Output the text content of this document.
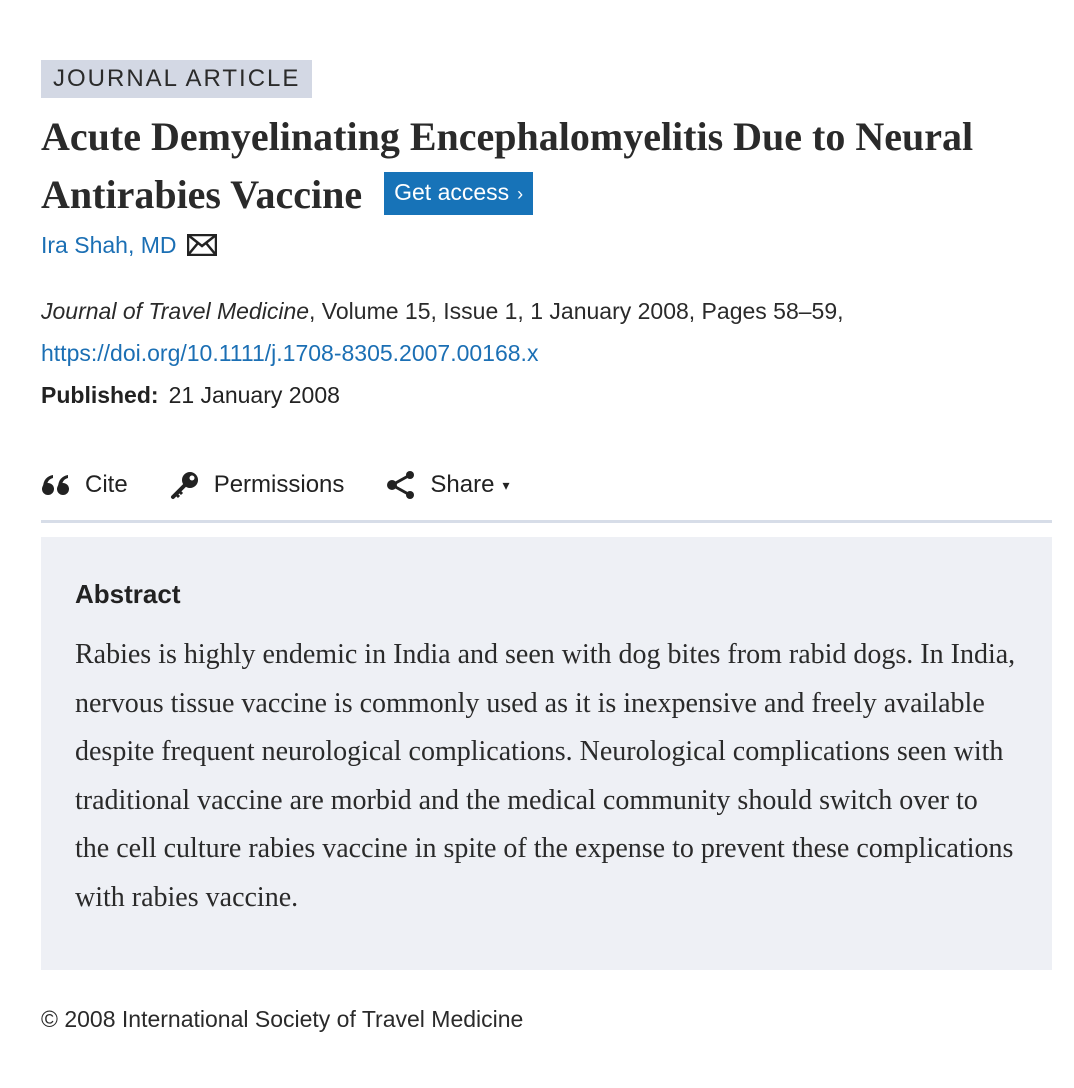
JOURNAL ARTICLE
Acute Demyelinating Encephalomyelitis Due to Neural Antirabies Vaccine Get access ›
Ira Shah, MD
Journal of Travel Medicine, Volume 15, Issue 1, 1 January 2008, Pages 58–59,
https://doi.org/10.1111/j.1708-8305.2007.00168.x
Published: 21 January 2008
Cite	Permissions	Share ▾
Abstract

Rabies is highly endemic in India and seen with dog bites from rabid dogs. In India, nervous tissue vaccine is commonly used as it is inexpensive and freely available despite frequent neurological complications. Neurological complications seen with traditional vaccine are morbid and the medical community should switch over to the cell culture rabies vaccine in spite of the expense to prevent these complications with rabies vaccine.

© 2008 International Society of Travel Medicine
